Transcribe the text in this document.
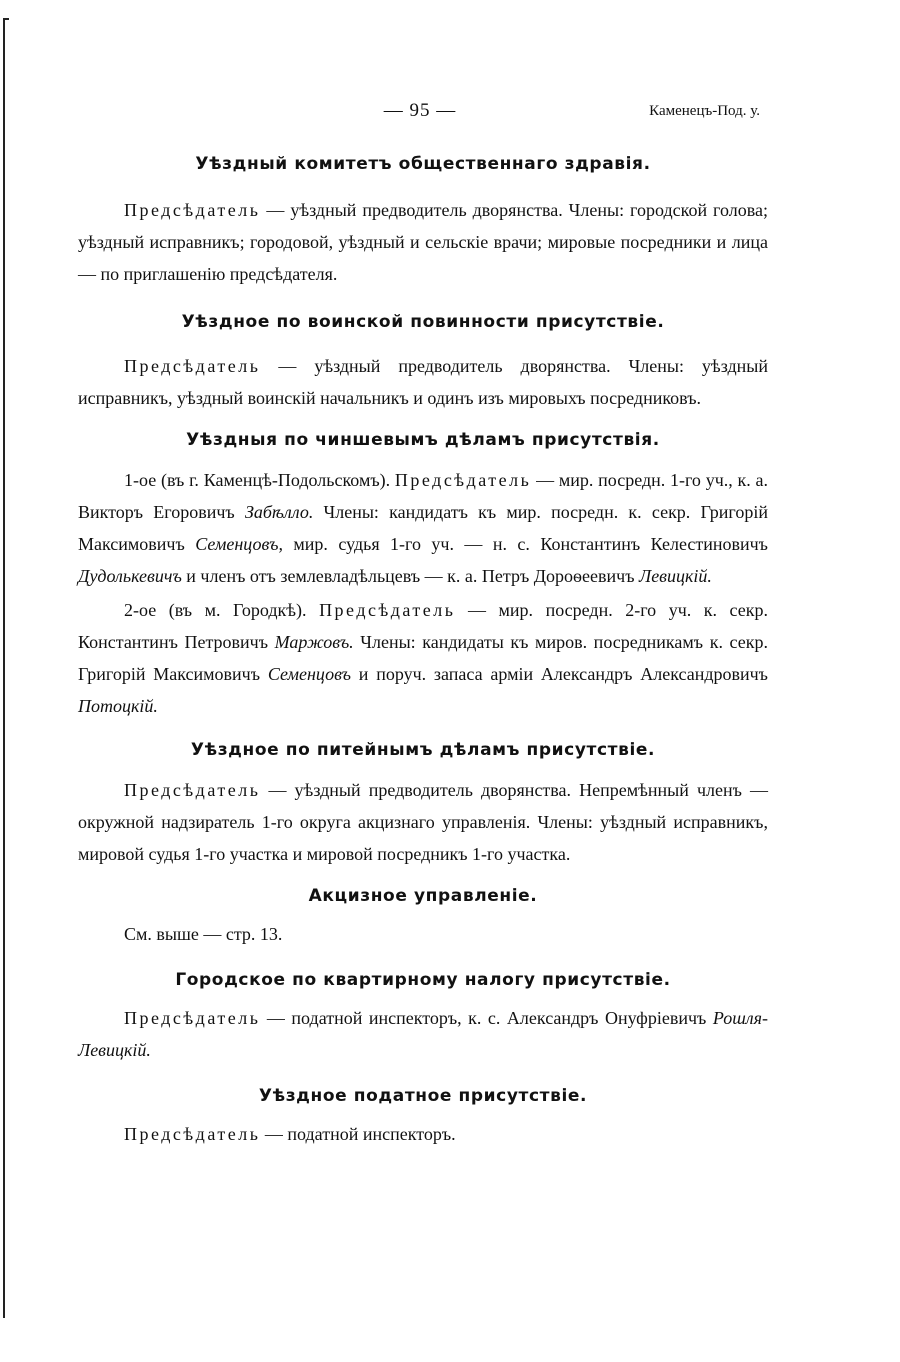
— 95 —	Каменецъ-Под. у.
Уѣздный комитетъ общественнаго здравія.

Предсѣдатель — уѣздный предводитель дворянства. Члены: городской голова; уѣздный исправникъ; городовой, уѣздный и сельскіе врачи; мировые посредники и лица — по приглашенію предсѣдателя.

Уѣздное по воинской повинности присутствіе.

Предсѣдатель — уѣздный предводитель дворянства. Члены: уѣздный исправникъ, уѣздный воинскій начальникъ и одинъ изъ мировыхъ посредниковъ.

Уѣздныя по чиншевымъ дѣламъ присутствія.

1-ое (въ г. Каменцѣ-Подольскомъ). Предсѣдатель — мир. посредн. 1-го уч., к. а. Викторъ Егоровичъ Забѣлло. Члены: кандидатъ къ мир. посредн. к. секр. Григорій Максимовичъ Семенцовъ, мир. судья 1-го уч. — н. с. Константинъ Келестиновичъ Дудолькевичъ и членъ отъ землевладѣльцевъ — к. а. Петръ Дороѳеевичъ Левицкій.

2-ое (въ м. Городкѣ). Предсѣдатель — мир. посредн. 2-го уч. к. секр. Константинъ Петровичъ Маржовъ. Члены: кандидаты къ миров. посредникамъ к. секр. Григорій Максимовичъ Семенцовъ и поруч. запаса арміи Александръ Александровичъ Потоцкій.

Уѣздное по питейнымъ дѣламъ присутствіе.

Предсѣдатель — уѣздный предводитель дворянства. Непремѣнный членъ — окружной надзиратель 1-го округа акцизнаго управленія. Члены: уѣздный исправникъ, мировой судья 1-го участка и мировой посредникъ 1-го участка.

Акцизное управленіе.

См. выше — стр. 13.

Городское по квартирному налогу присутствіе.

Предсѣдатель — податной инспекторъ, к. с. Александръ Онуфріевичъ Рошля-Левицкій.

Уѣздное податное присутствіе.

Предсѣдатель — податной инспекторъ.
